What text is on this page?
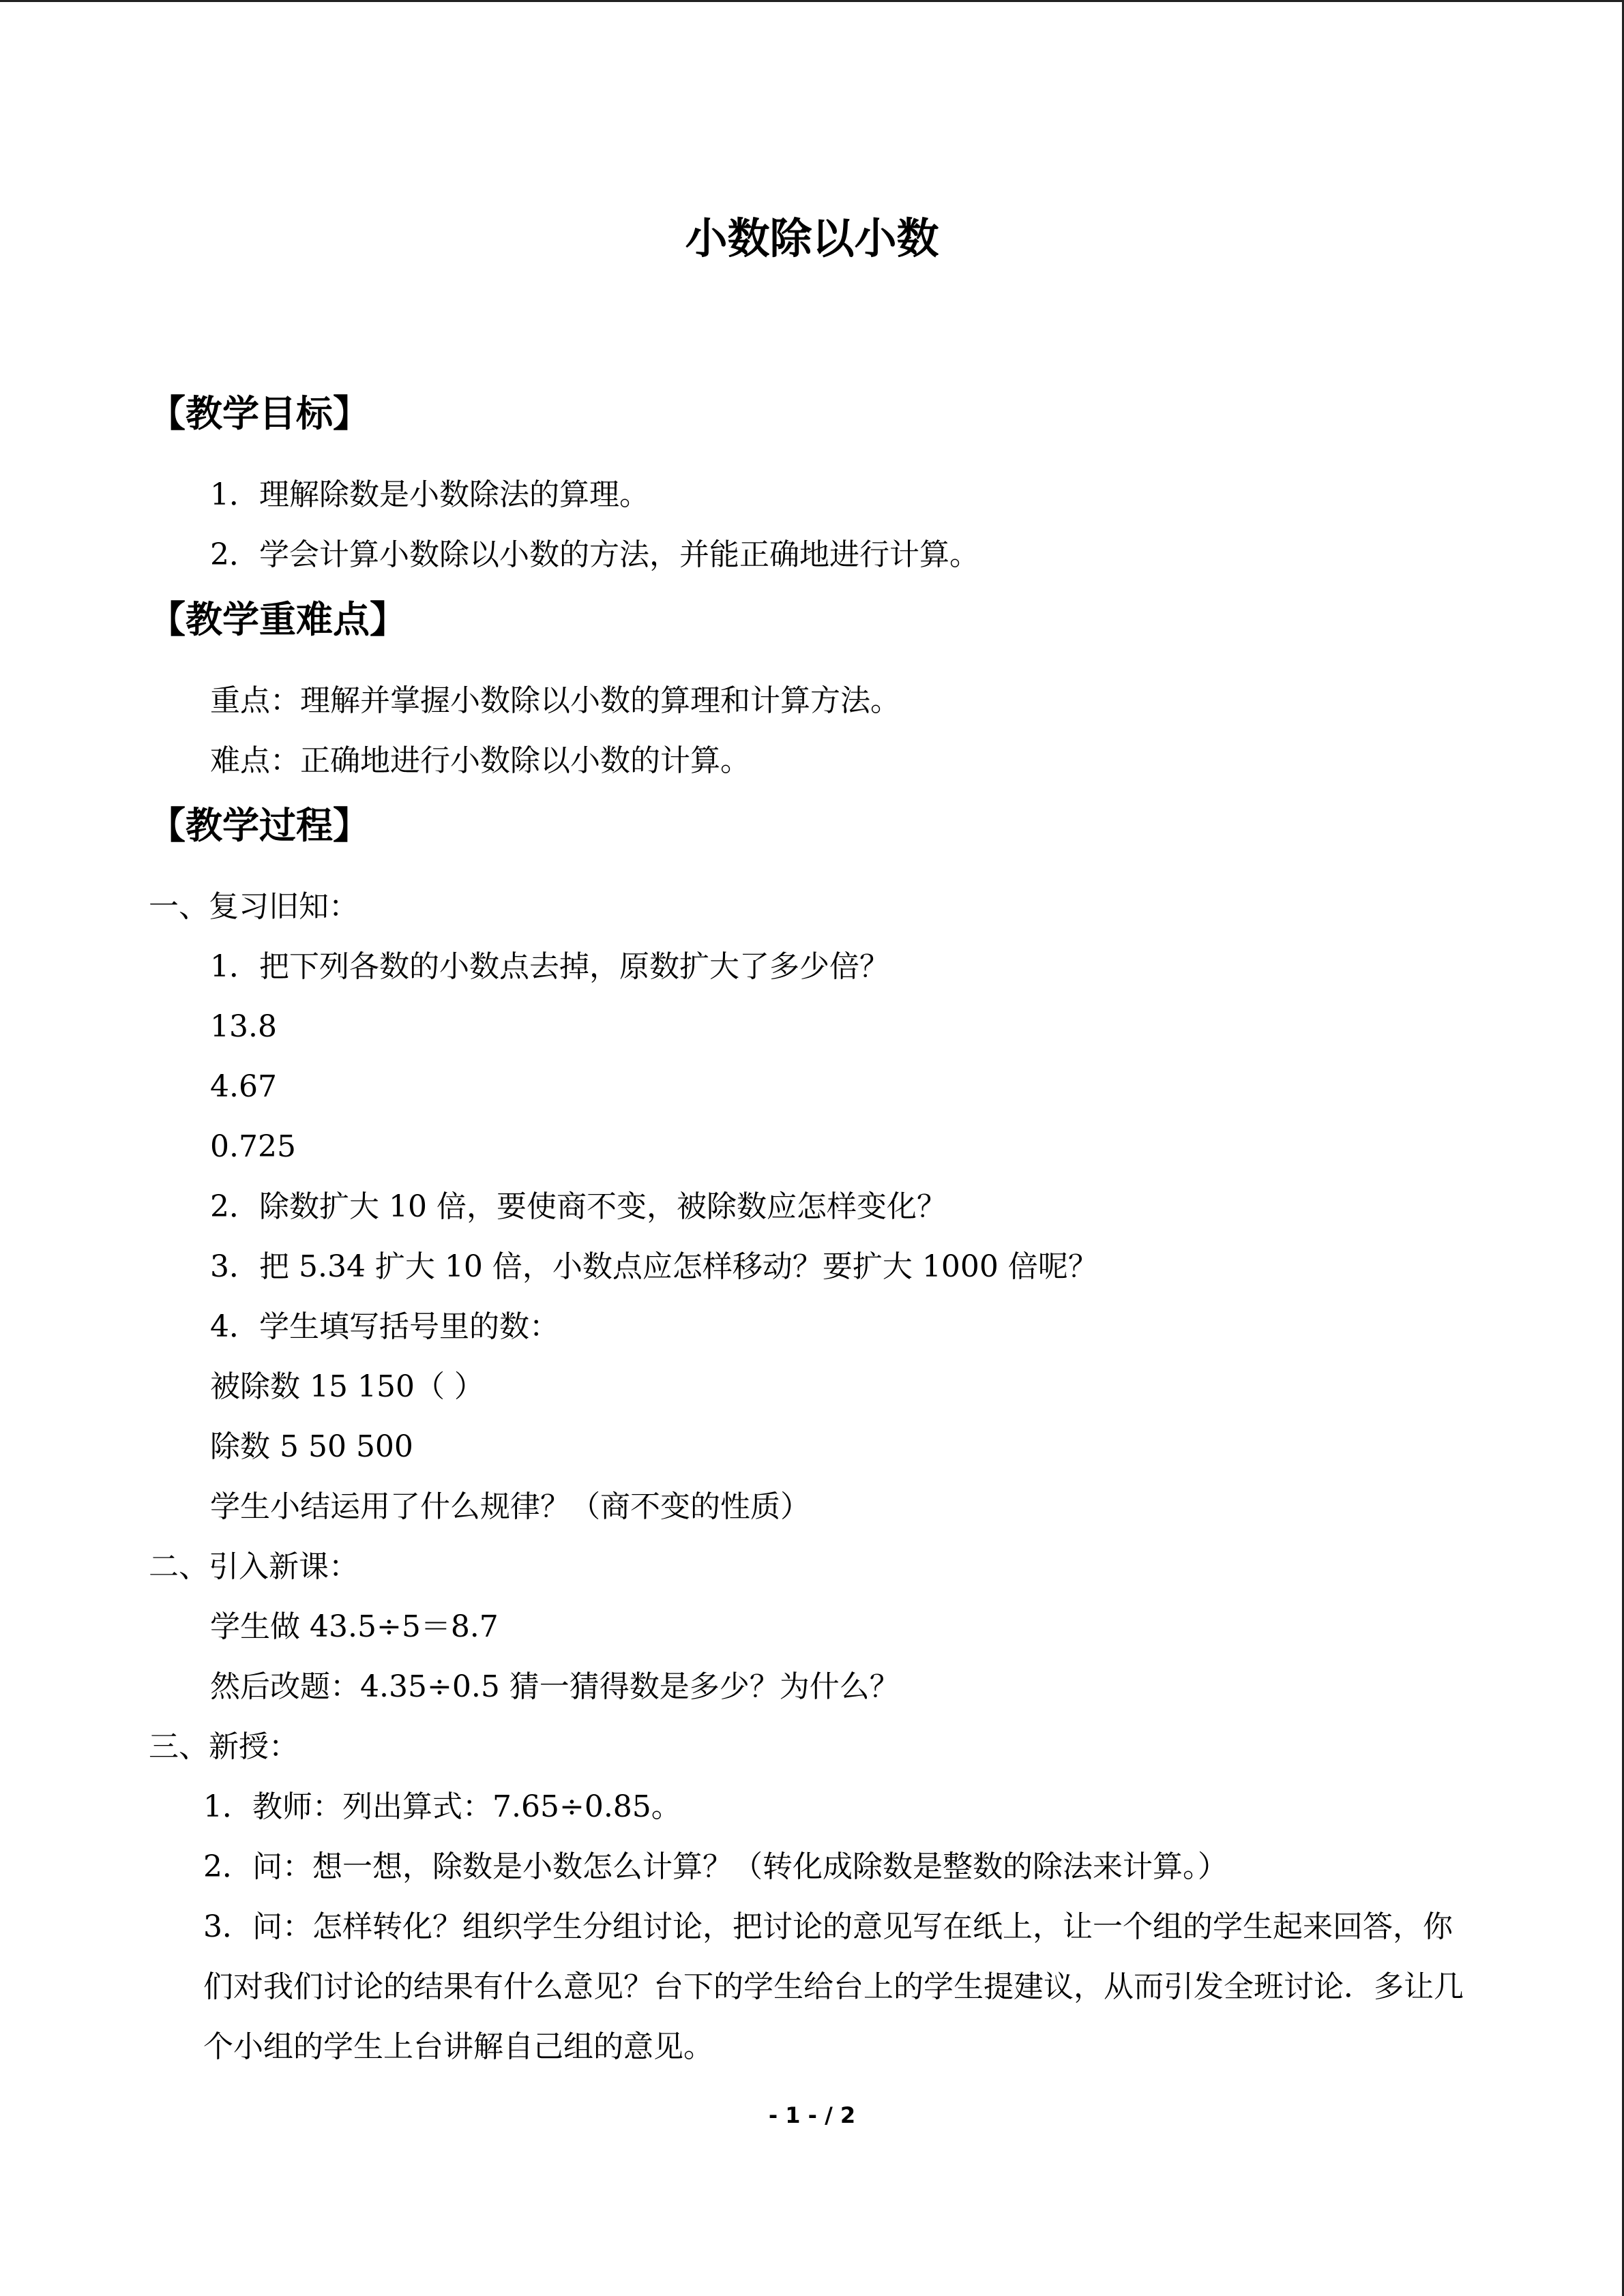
小数除以小数
【教学目标】
1．理解除数是小数除法的算理。
2．学会计算小数除以小数的方法，并能正确地进行计算。
【教学重难点】
重点：理解并掌握小数除以小数的算理和计算方法。
难点：正确地进行小数除以小数的计算。
【教学过程】
一、复习旧知：
1．把下列各数的小数点去掉，原数扩大了多少倍？
13.8
4.67
0.725
2．除数扩大 10 倍，要使商不变，被除数应怎样变化？
3．把 5.34 扩大 10 倍，小数点应怎样移动？要扩大 1000 倍呢？
4．学生填写括号里的数：
被除数 15 150（ ）
除数 5 50 500
学生小结运用了什么规律？（商不变的性质）
二、引入新课：
学生做 43.5÷5＝8.7
然后改题：4.35÷0.5 猜一猜得数是多少？为什么？
三、新授：
1．教师：列出算式：7.65÷0.85。
2．问：想一想，除数是小数怎么计算？（转化成除数是整数的除法来计算。）
3．问：怎样转化？组织学生分组讨论，把讨论的意见写在纸上，让一个组的学生起来回答，你们对我们讨论的结果有什么意见？台下的学生给台上的学生提建议，从而引发全班讨论．多让几个小组的学生上台讲解自己组的意见。
- 1 - / 2
